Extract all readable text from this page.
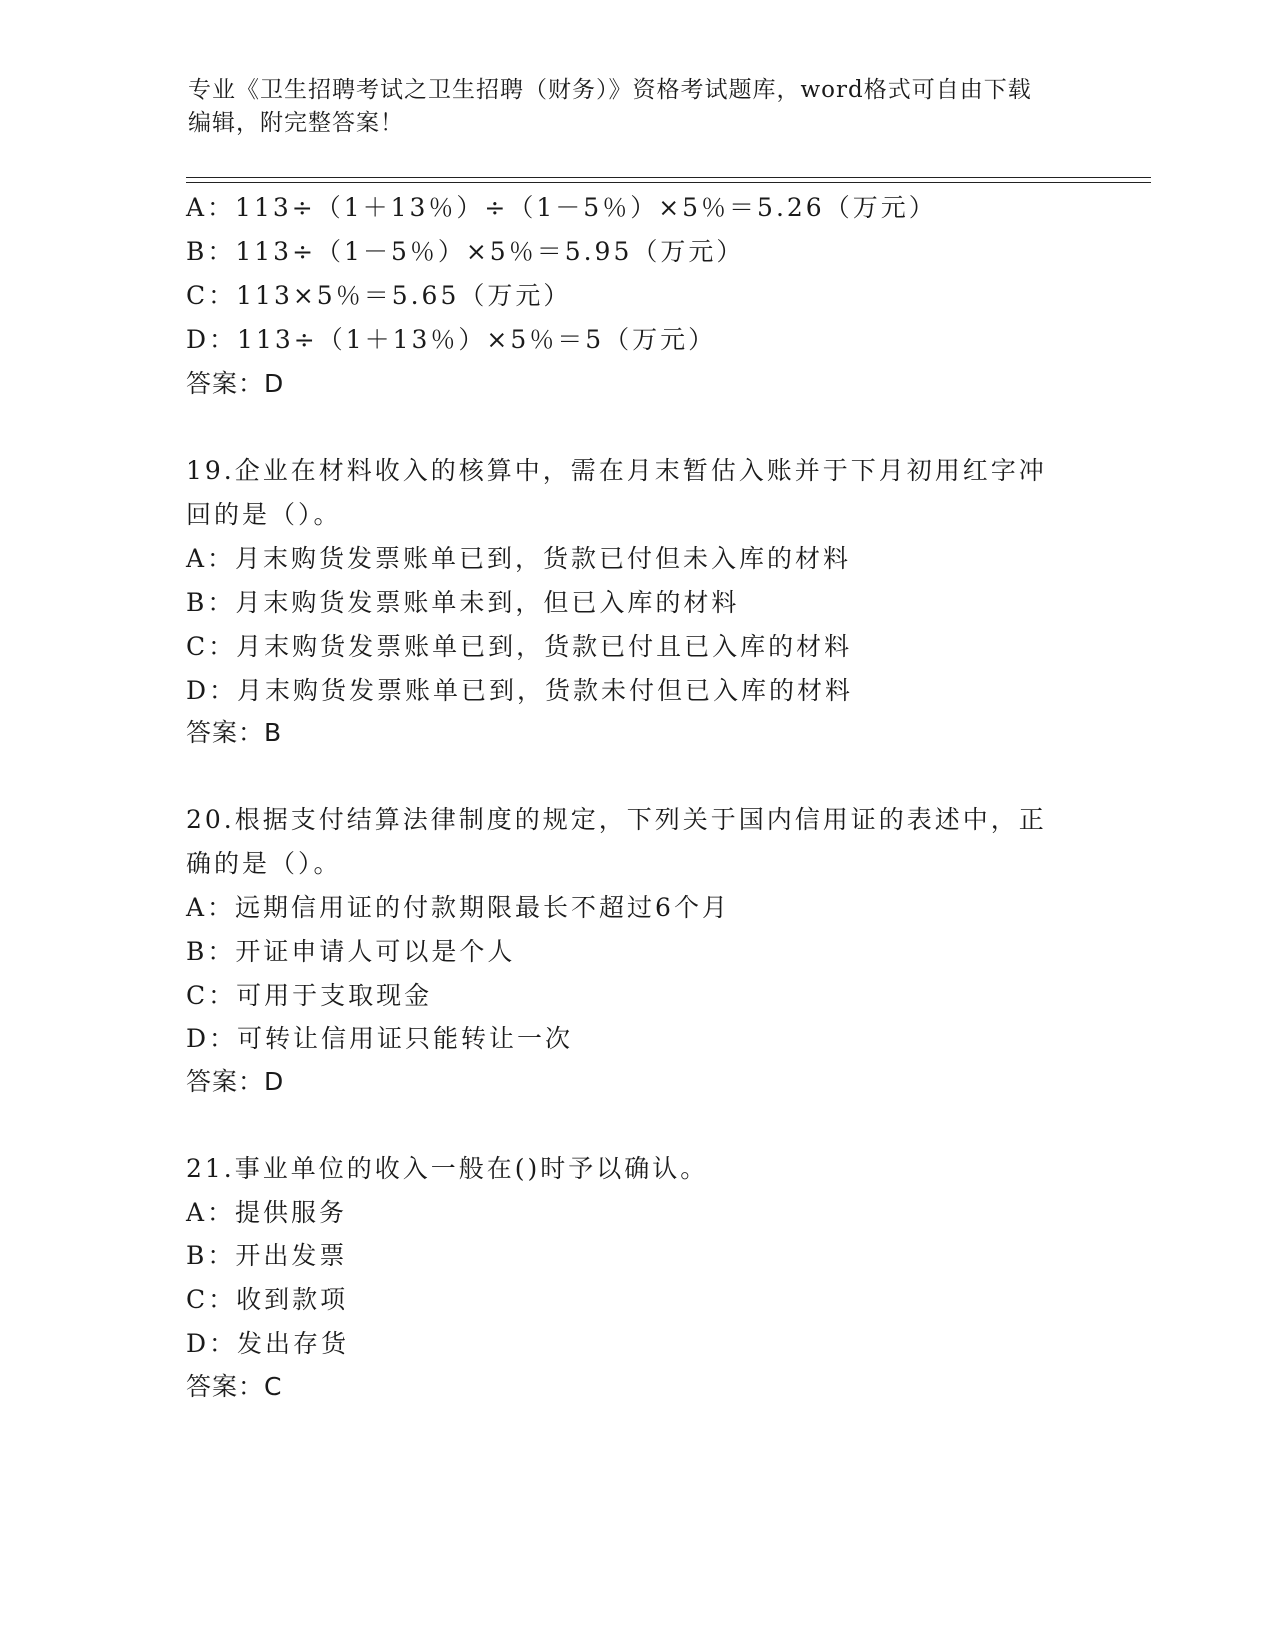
专业《卫生招聘考试之卫生招聘（财务）》资格考试题库，word格式可自由下载
编辑，附完整答案！
A：113÷（1＋13％）÷（1－5％）×5％＝5.26（万元）
B：113÷（1－5％）×5％＝5.95（万元）
C：113×5％＝5.65（万元）
D：113÷（1＋13％）×5％＝5（万元）
答案：D
19.企业在材料收入的核算中，需在月末暂估入账并于下月初用红字冲
回的是（）。
A：月末购货发票账单已到，货款已付但未入库的材料
B：月末购货发票账单未到，但已入库的材料
C：月末购货发票账单已到，货款已付且已入库的材料
D：月末购货发票账单已到，货款未付但已入库的材料
答案：B
20.根据支付结算法律制度的规定，下列关于国内信用证的表述中，正
确的是（）。
A：远期信用证的付款期限最长不超过6个月
B：开证申请人可以是个人
C：可用于支取现金
D：可转让信用证只能转让一次
答案：D
21.事业单位的收入一般在()时予以确认。
A：提供服务
B：开出发票
C：收到款项
D：发出存货
答案：C
